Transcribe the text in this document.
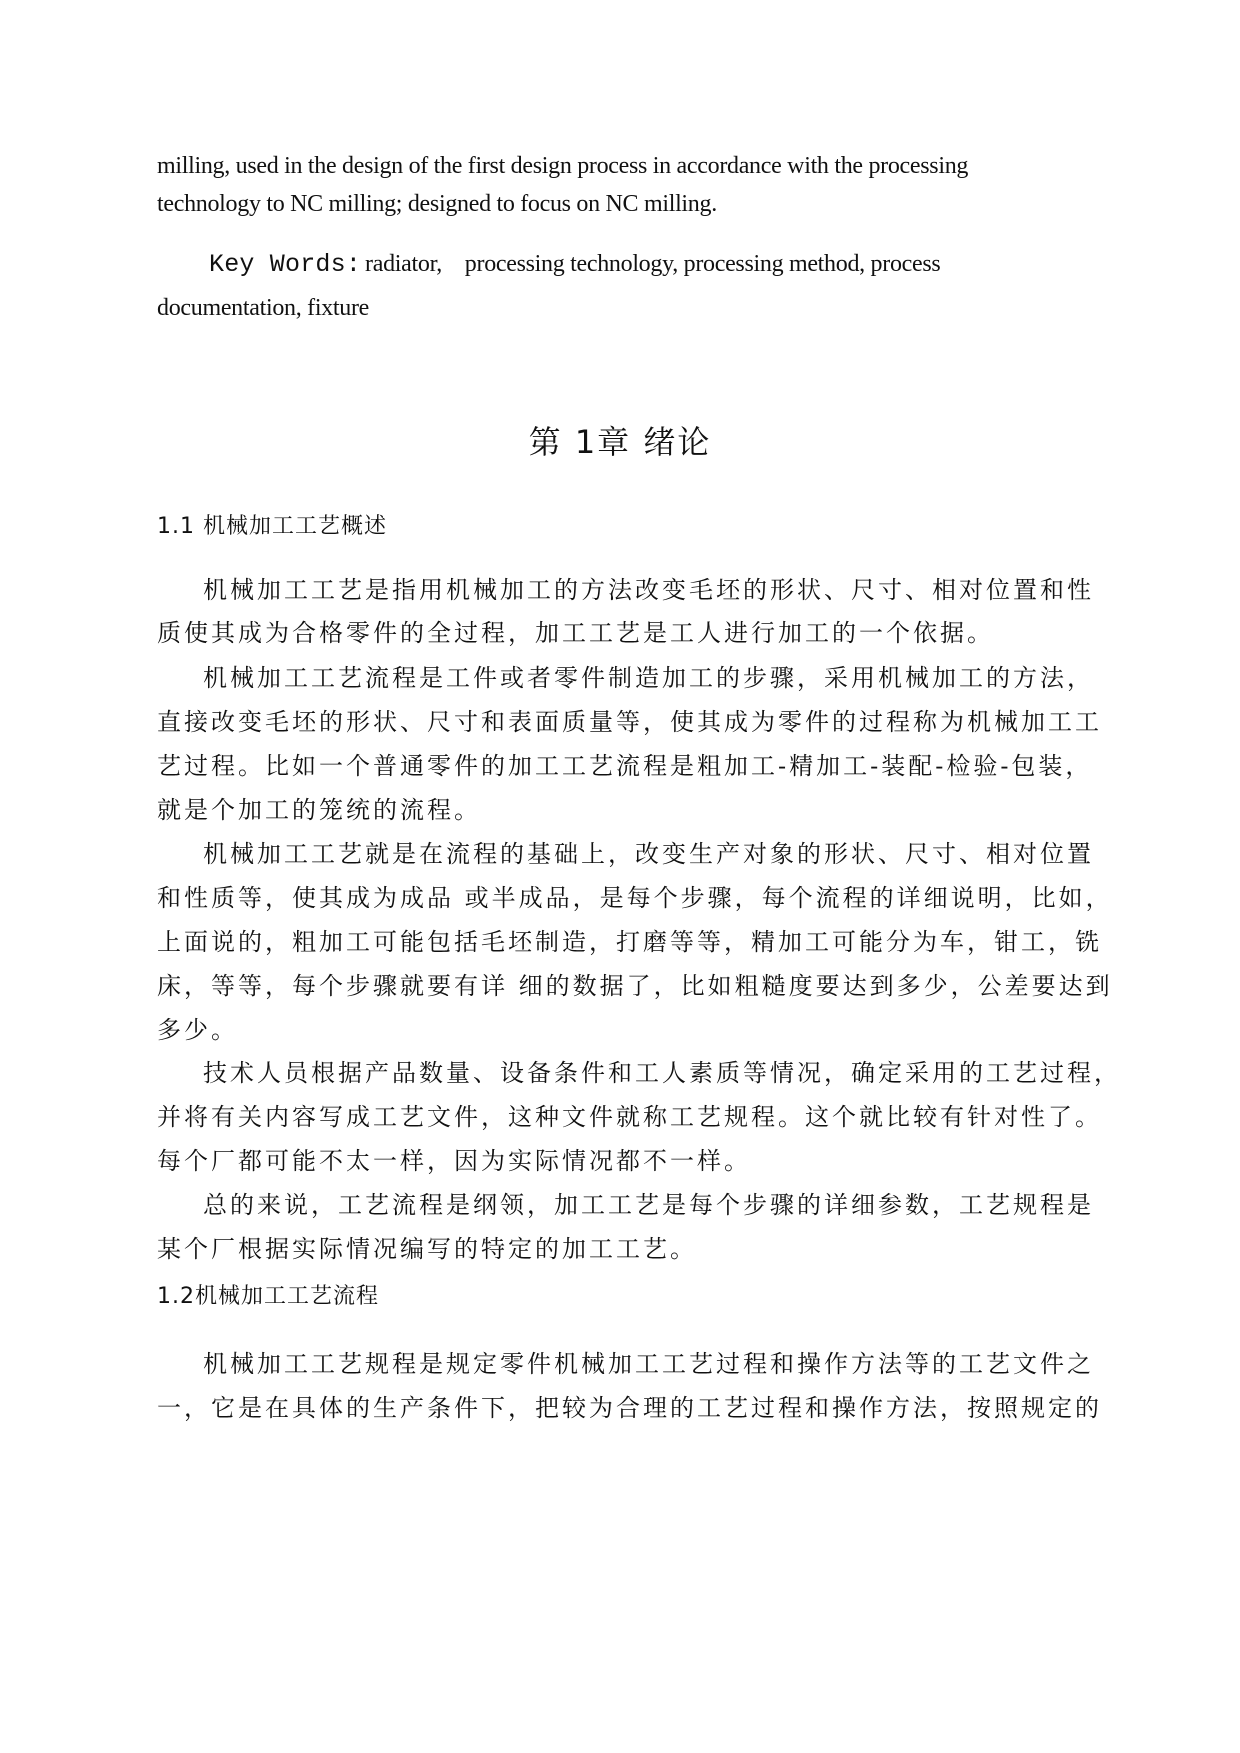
milling, used in the design of the first design process in accordance with the processing
technology to NC milling; designed to focus on NC milling.
Key Words: radiator,    processing technology, processing method, process
documentation, fixture
第 1章 绪论
1.1 机械加工工艺概述
机械加工工艺是指用机械加工的方法改变毛坯的形状、尺寸、相对位置和性
质使其成为合格零件的全过程，加工工艺是工人进行加工的一个依据。
机械加工工艺流程是工件或者零件制造加工的步骤，采用机械加工的方法，
直接改变毛坯的形状、尺寸和表面质量等，使其成为零件的过程称为机械加工工
艺过程。比如一个普通零件的加工工艺流程是粗加工-精加工-装配-检验-包装，
就是个加工的笼统的流程。
机械加工工艺就是在流程的基础上，改变生产对象的形状、尺寸、相对位置
和性质等，使其成为成品 或半成品，是每个步骤，每个流程的详细说明，比如，
上面说的，粗加工可能包括毛坯制造，打磨等等，精加工可能分为车，钳工，铣
床，等等，每个步骤就要有详 细的数据了，比如粗糙度要达到多少，公差要达到
多少。
技术人员根据产品数量、设备条件和工人素质等情况，确定采用的工艺过程，
并将有关内容写成工艺文件，这种文件就称工艺规程。这个就比较有针对性了。
每个厂都可能不太一样，因为实际情况都不一样。
总的来说，工艺流程是纲领，加工工艺是每个步骤的详细参数，工艺规程是
某个厂根据实际情况编写的特定的加工工艺。
1.2机械加工工艺流程
机械加工工艺规程是规定零件机械加工工艺过程和操作方法等的工艺文件之
一，它是在具体的生产条件下，把较为合理的工艺过程和操作方法，按照规定的
